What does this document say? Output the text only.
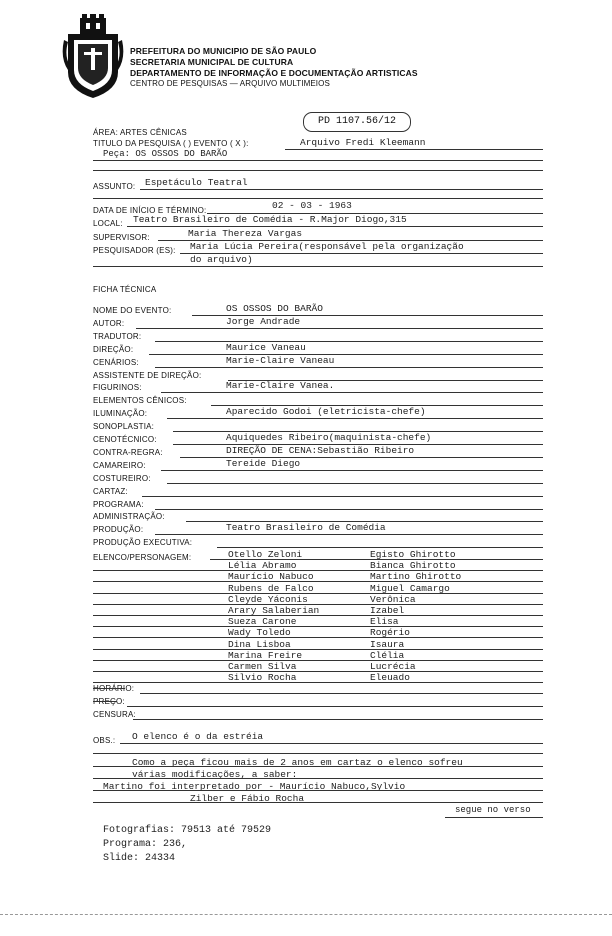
PREFEITURA DO MUNICIPIO DE SÃO PAULO
SECRETARIA MUNICIPAL DE CULTURA
DEPARTAMENTO DE INFORMAÇÃO E DOCUMENTAÇÃO ARTISTICAS
CENTRO DE PESQUISAS — ARQUIVO MULTIMEIOS
PD 1107.56/12
ÁREA: ARTES CÊNICAS
TITULO DA PESQUISA ( ) EVENTO ( X ):	Arquivo Fredi Kleemann
Peça: OS OSSOS DO BARÃO
ASSUNTO: Espetáculo Teatral
DATA DE INÍCIO E TÉRMINO:	02 - 03 - 1963
LOCAL: Teatro Brasileiro de Comédia - R.Major Diogo,315
SUPERVISOR:	Maria Thereza Vargas
PESQUISADOR (ES): Maria Lúcia Pereira(responsável pela organização
do arquivo)
FICHA TÉCNICA
NOME DO EVENTO:	OS OSSOS DO BARÃO
AUTOR:	Jorge Andrade
TRADUTOR:
DIREÇÃO:	Maurice Vaneau
CENÁRIOS:	Marie-Claire Vaneau
ASSISTENTE DE DIREÇÃO:
FIGURINOS:	Marie-Claire Vanea.
ELEMENTOS CÊNICOS:
ILUMINAÇÃO:	Aparecido Godoi (eletricista-chefe)
SONOPLASTIA:
CENOTÉCNICO:	Aquiquedes Ribeiro(maquinista-chefe)
CONTRA-REGRA:	DIREÇÃO DE CENA:Sebastião Ribeiro
CAMAREIRO:	Tereide Diego
COSTUREIRO:
CARTAZ:
PROGRAMA:
ADMINISTRAÇÃO:
PRODUÇÃO:	Teatro Brasileiro de Comédia
PRODUÇÃO EXECUTIVA:
ELENCO/PERSONAGEM:	Otello Zeloni	Egisto Ghirotto
Lélia Abramo	Bianca Ghirotto
Maurício Nabuco	Martino Ghirotto
Rubens de Falco	Miguel Camargo
Cleyde Yáconis	Verônica
Arary Salaberian	Izabel
Sueza Carone	Elisa
Wady Toledo	Rogério
Dina Lisboa	Isaura
Marina Freire	Clélia
Carmen Silva	Lucrécia
Silvio Rocha	Eleuado
HORÁRIO:
PREÇO:
CENSURA:
OBS.: O elenco é o da estréia
Como a peça ficou mais de 2 anos em cartaz o elenco sofreu
várias modificações, a saber:
Martino foi interpretado por - Maurício Nabuco,Sylvio
Zilber e Fábio Rocha
segue no verso
Fotografias: 79513 até 79529
Programa: 236,
Slide: 24334
